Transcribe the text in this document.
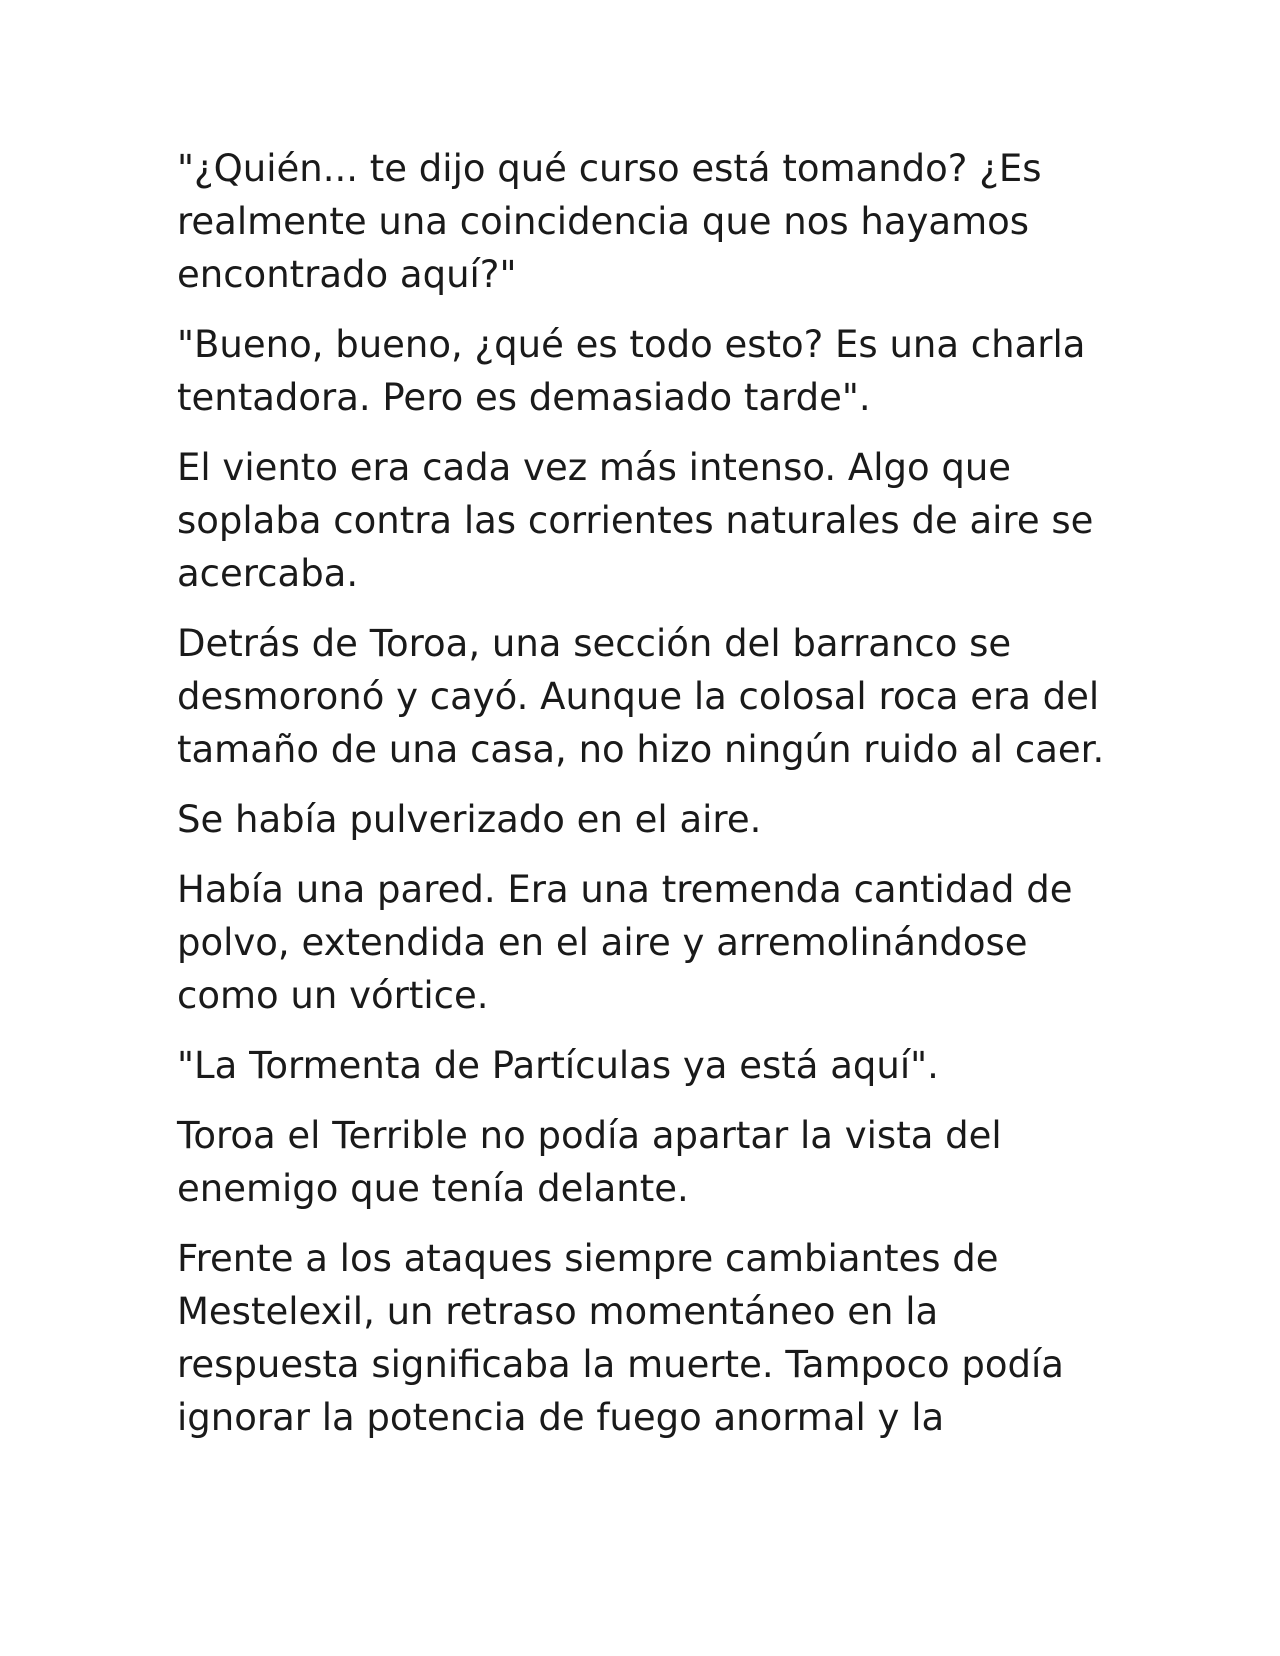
"¿Quién... te dijo qué curso está tomando? ¿Es realmente una coincidencia que nos hayamos encontrado aquí?"

"Bueno, bueno, ¿qué es todo esto? Es una charla tentadora. Pero es demasiado tarde".

El viento era cada vez más intenso. Algo que soplaba contra las corrientes naturales de aire se acercaba.

Detrás de Toroa, una sección del barranco se desmoronó y cayó. Aunque la colosal roca era del tamaño de una casa, no hizo ningún ruido al caer.

Se había pulverizado en el aire.

Había una pared. Era una tremenda cantidad de polvo, extendida en el aire y arremolinándose como un vórtice.

"La Tormenta de Partículas ya está aquí".

Toroa el Terrible no podía apartar la vista del enemigo que tenía delante.

Frente a los ataques siempre cambiantes de Mestelexil, un retraso momentáneo en la respuesta significaba la muerte. Tampoco podía ignorar la potencia de fuego anormal y la
